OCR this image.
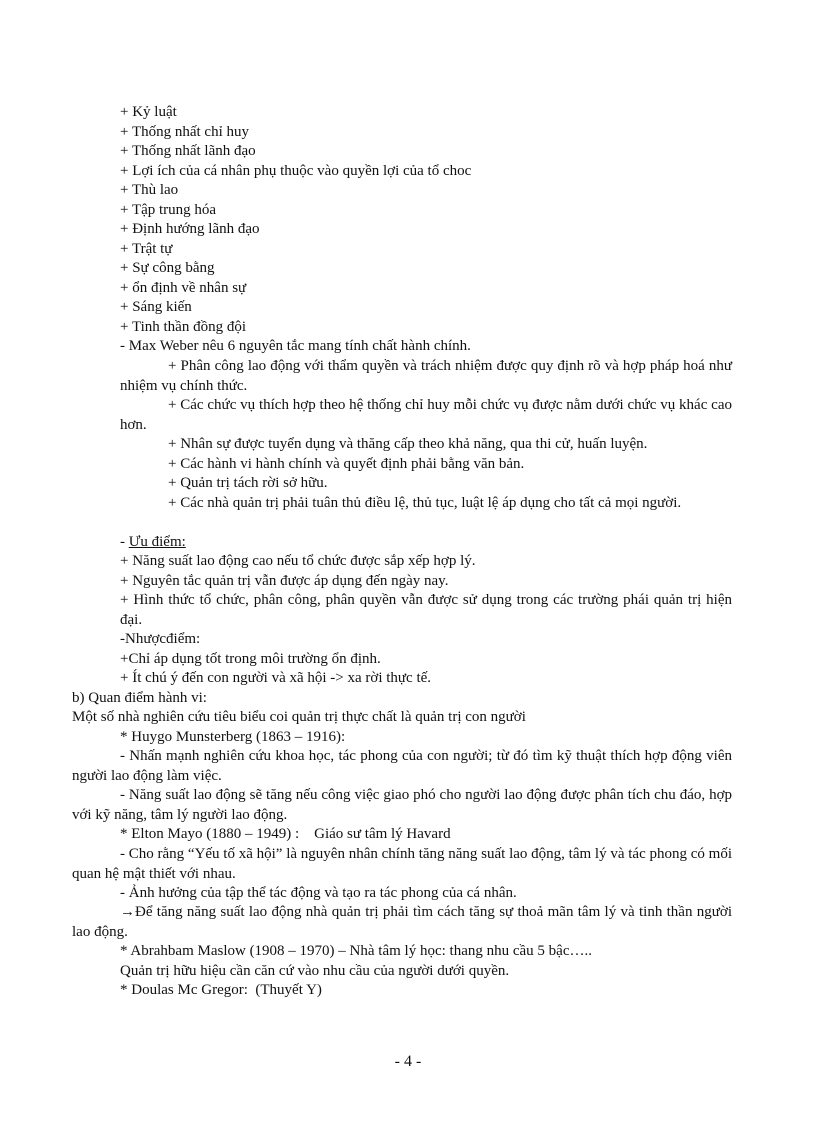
+ Kỷ luật
+ Thống nhất chỉ huy
+ Thống nhất lãnh đạo
+ Lợi ích của cá nhân phụ thuộc vào quyền lợi của tổ choc
+ Thù lao
+ Tập trung hóa
+ Định hướng lãnh đạo
+ Trật tự
+ Sự công bằng
+ ổn định về nhân sự
+ Sáng kiến
+ Tinh thần đồng đội
- Max Weber nêu 6 nguyên tắc mang tính chất hành chính.
+ Phân công lao động với thẩm quyền và trách nhiệm được quy định rõ và hợp pháp hoá như nhiệm vụ chính thức.
+ Các chức vụ thích hợp theo hệ thống chỉ huy mỗi chức vụ được nằm dưới chức vụ khác cao hơn.
+ Nhân sự được tuyển dụng và thăng cấp theo khả năng, qua thi cử, huấn luyện.
+ Các hành vi hành chính và quyết định phải bằng văn bản.
+ Quản trị tách rời sở hữu.
+ Các nhà quản trị phải tuân thủ điều lệ, thủ tục, luật lệ áp dụng cho tất cả mọi người.
- Ưu điểm:
+ Năng suất lao động cao nếu tổ chức được sắp xếp hợp lý.
+ Nguyên tắc quản trị vẫn được áp dụng đến ngày nay.
+ Hình thức tổ chức, phân công, phân quyền vẫn được sử dụng trong các trường phái quản trị hiện đại.
-Nhượcđiểm:
+Chỉ áp dụng tốt trong môi trường ổn định.
+ Ít chú ý đến con người và xã hội -> xa rời thực tế.
b) Quan điểm hành vi:
Một số nhà nghiên cứu tiêu biểu coi quản trị thực chất là quản trị con người
* Huygo Munsterberg (1863 – 1916):
- Nhấn mạnh nghiên cứu khoa học, tác phong của con người; từ đó tìm kỹ thuật thích hợp động viên người lao động làm việc.
- Năng suất lao động sẽ tăng nếu công việc giao phó cho người lao động được phân tích chu đáo, hợp với kỹ năng, tâm lý người lao động.
* Elton Mayo (1880 – 1949) :    Giáo sư tâm lý Havard
- Cho rằng “Yếu tố xã hội” là nguyên nhân chính tăng năng suất lao động, tâm lý và tác phong có mối quan hệ mật thiết với nhau.
- Ảnh hưởng của tập thể tác động và tạo ra tác phong của cá nhân.
→Để tăng năng suất lao động nhà quản trị phải tìm cách tăng sự thoả mãn tâm lý và tinh thần người lao động.
* Abrahbam Maslow (1908 – 1970) – Nhà tâm lý học: thang nhu cầu 5 bậc…..
Quản trị hữu hiệu cần căn cứ vào nhu cầu của người dưới quyền.
* Doulas Mc Gregor:  (Thuyết Y)
- 4 -
